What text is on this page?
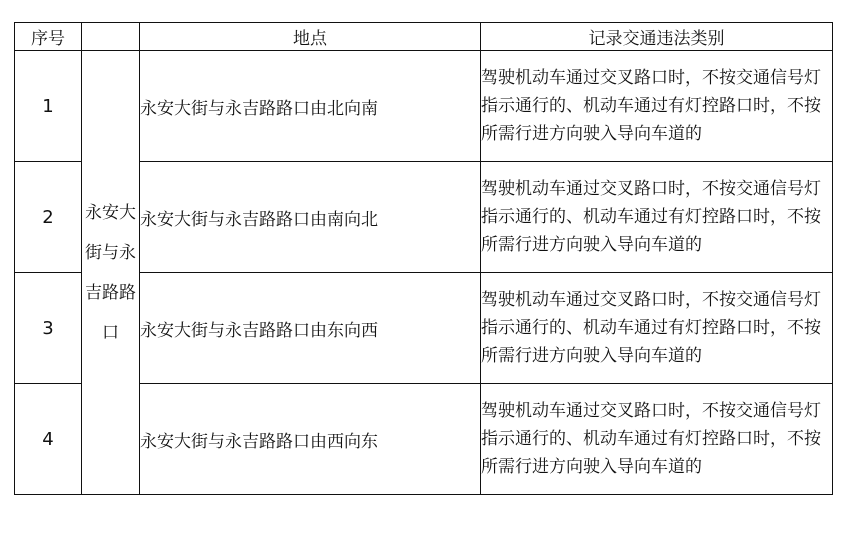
序号		地点	记录交通违法类别
1	永安大街与永吉路路口	永安大街与永吉路路口由北向南	驾驶机动车通过交叉路口时，不按交通信号灯指示通行的、机动车通过有灯控路口时，不按所需行进方向驶入导向车道的
2		永安大街与永吉路路口由南向北	驾驶机动车通过交叉路口时，不按交通信号灯指示通行的、机动车通过有灯控路口时，不按所需行进方向驶入导向车道的
3		永安大街与永吉路路口由东向西	驾驶机动车通过交叉路口时，不按交通信号灯指示通行的、机动车通过有灯控路口时，不按所需行进方向驶入导向车道的
4		永安大街与永吉路路口由西向东	驾驶机动车通过交叉路口时，不按交通信号灯指示通行的、机动车通过有灯控路口时，不按所需行进方向驶入导向车道的
